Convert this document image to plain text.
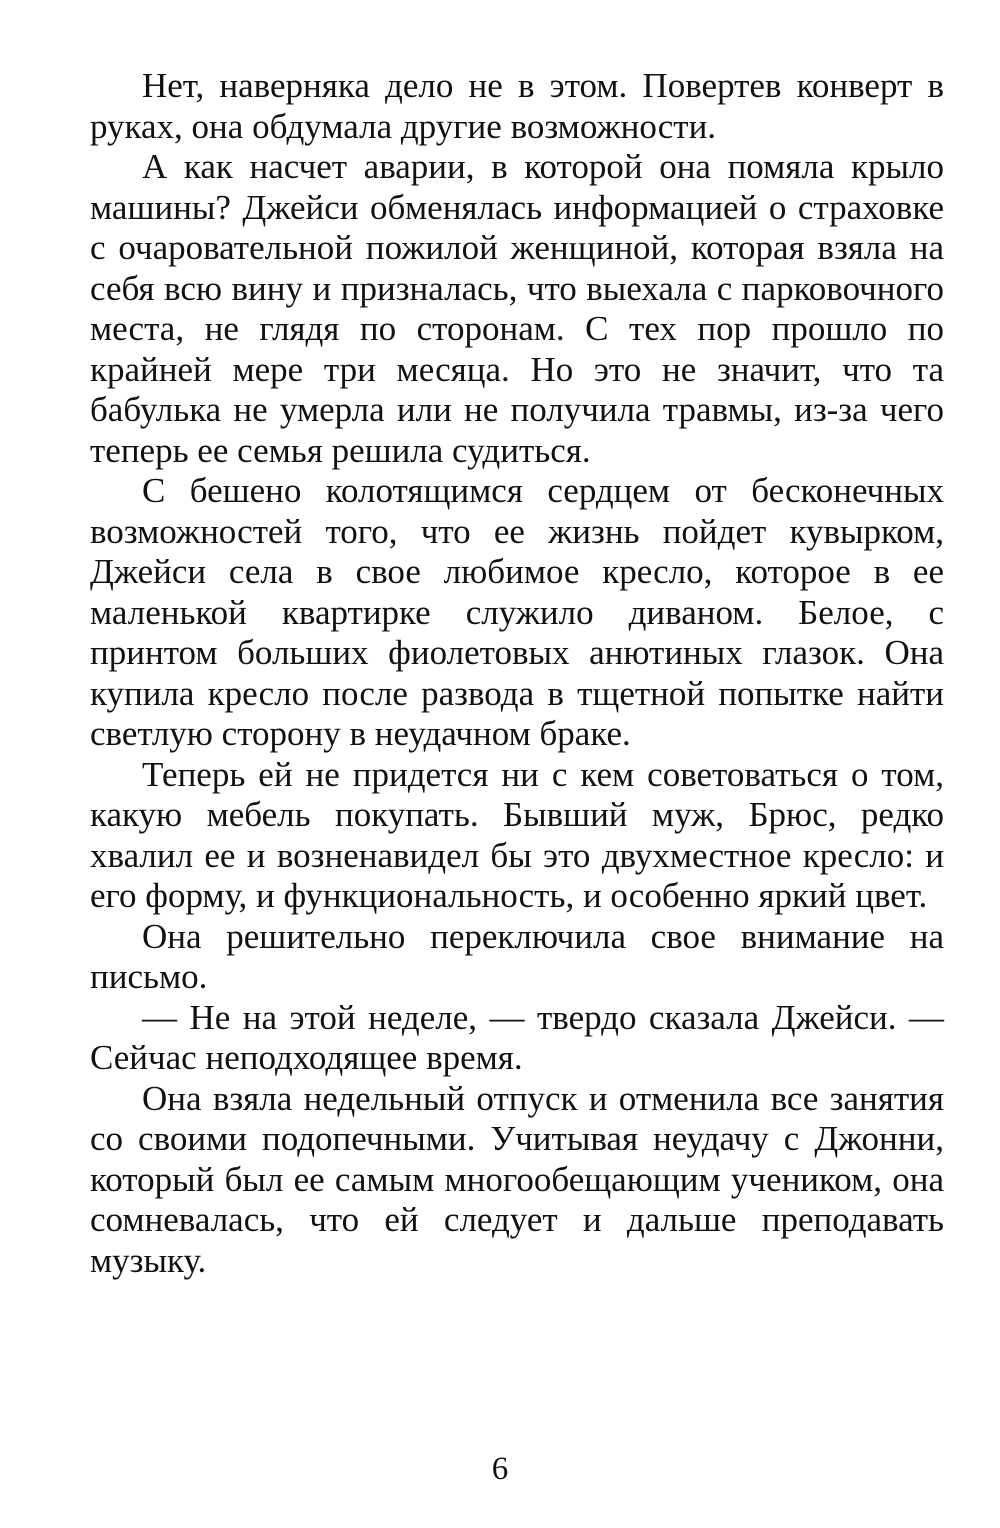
Нет, наверняка дело не в этом. Повертев конверт в руках, она обдумала другие возможности.

А как насчет аварии, в которой она помяла крыло машины? Джейси обменялась информацией о страховке с очаровательной пожилой женщиной, которая взяла на себя всю вину и призналась, что выехала с парковочного места, не глядя по сторонам. С тех пор прошло по крайней мере три месяца. Но это не значит, что та бабулька не умерла или не получила травмы, из-за чего теперь ее семья решила судиться.

С бешено колотящимся сердцем от бесконечных возможностей того, что ее жизнь пойдет кувырком, Джейси села в свое любимое кресло, которое в ее маленькой квартирке служило диваном. Белое, с принтом больших фиолетовых анютиных глазок. Она купила кресло после развода в тщетной попытке найти светлую сторону в неудачном браке.

Теперь ей не придется ни с кем советоваться о том, какую мебель покупать. Бывший муж, Брюс, редко хвалил ее и возненавидел бы это двухместное кресло: и его форму, и функциональность, и особенно яркий цвет.

Она решительно переключила свое внимание на письмо.

— Не на этой неделе, — твердо сказала Джейси. — Сейчас неподходящее время.

Она взяла недельный отпуск и отменила все занятия со своими подопечными. Учитывая неудачу с Джонни, который был ее самым многообещающим учеником, она сомневалась, что ей следует и дальше преподавать музыку.

6
